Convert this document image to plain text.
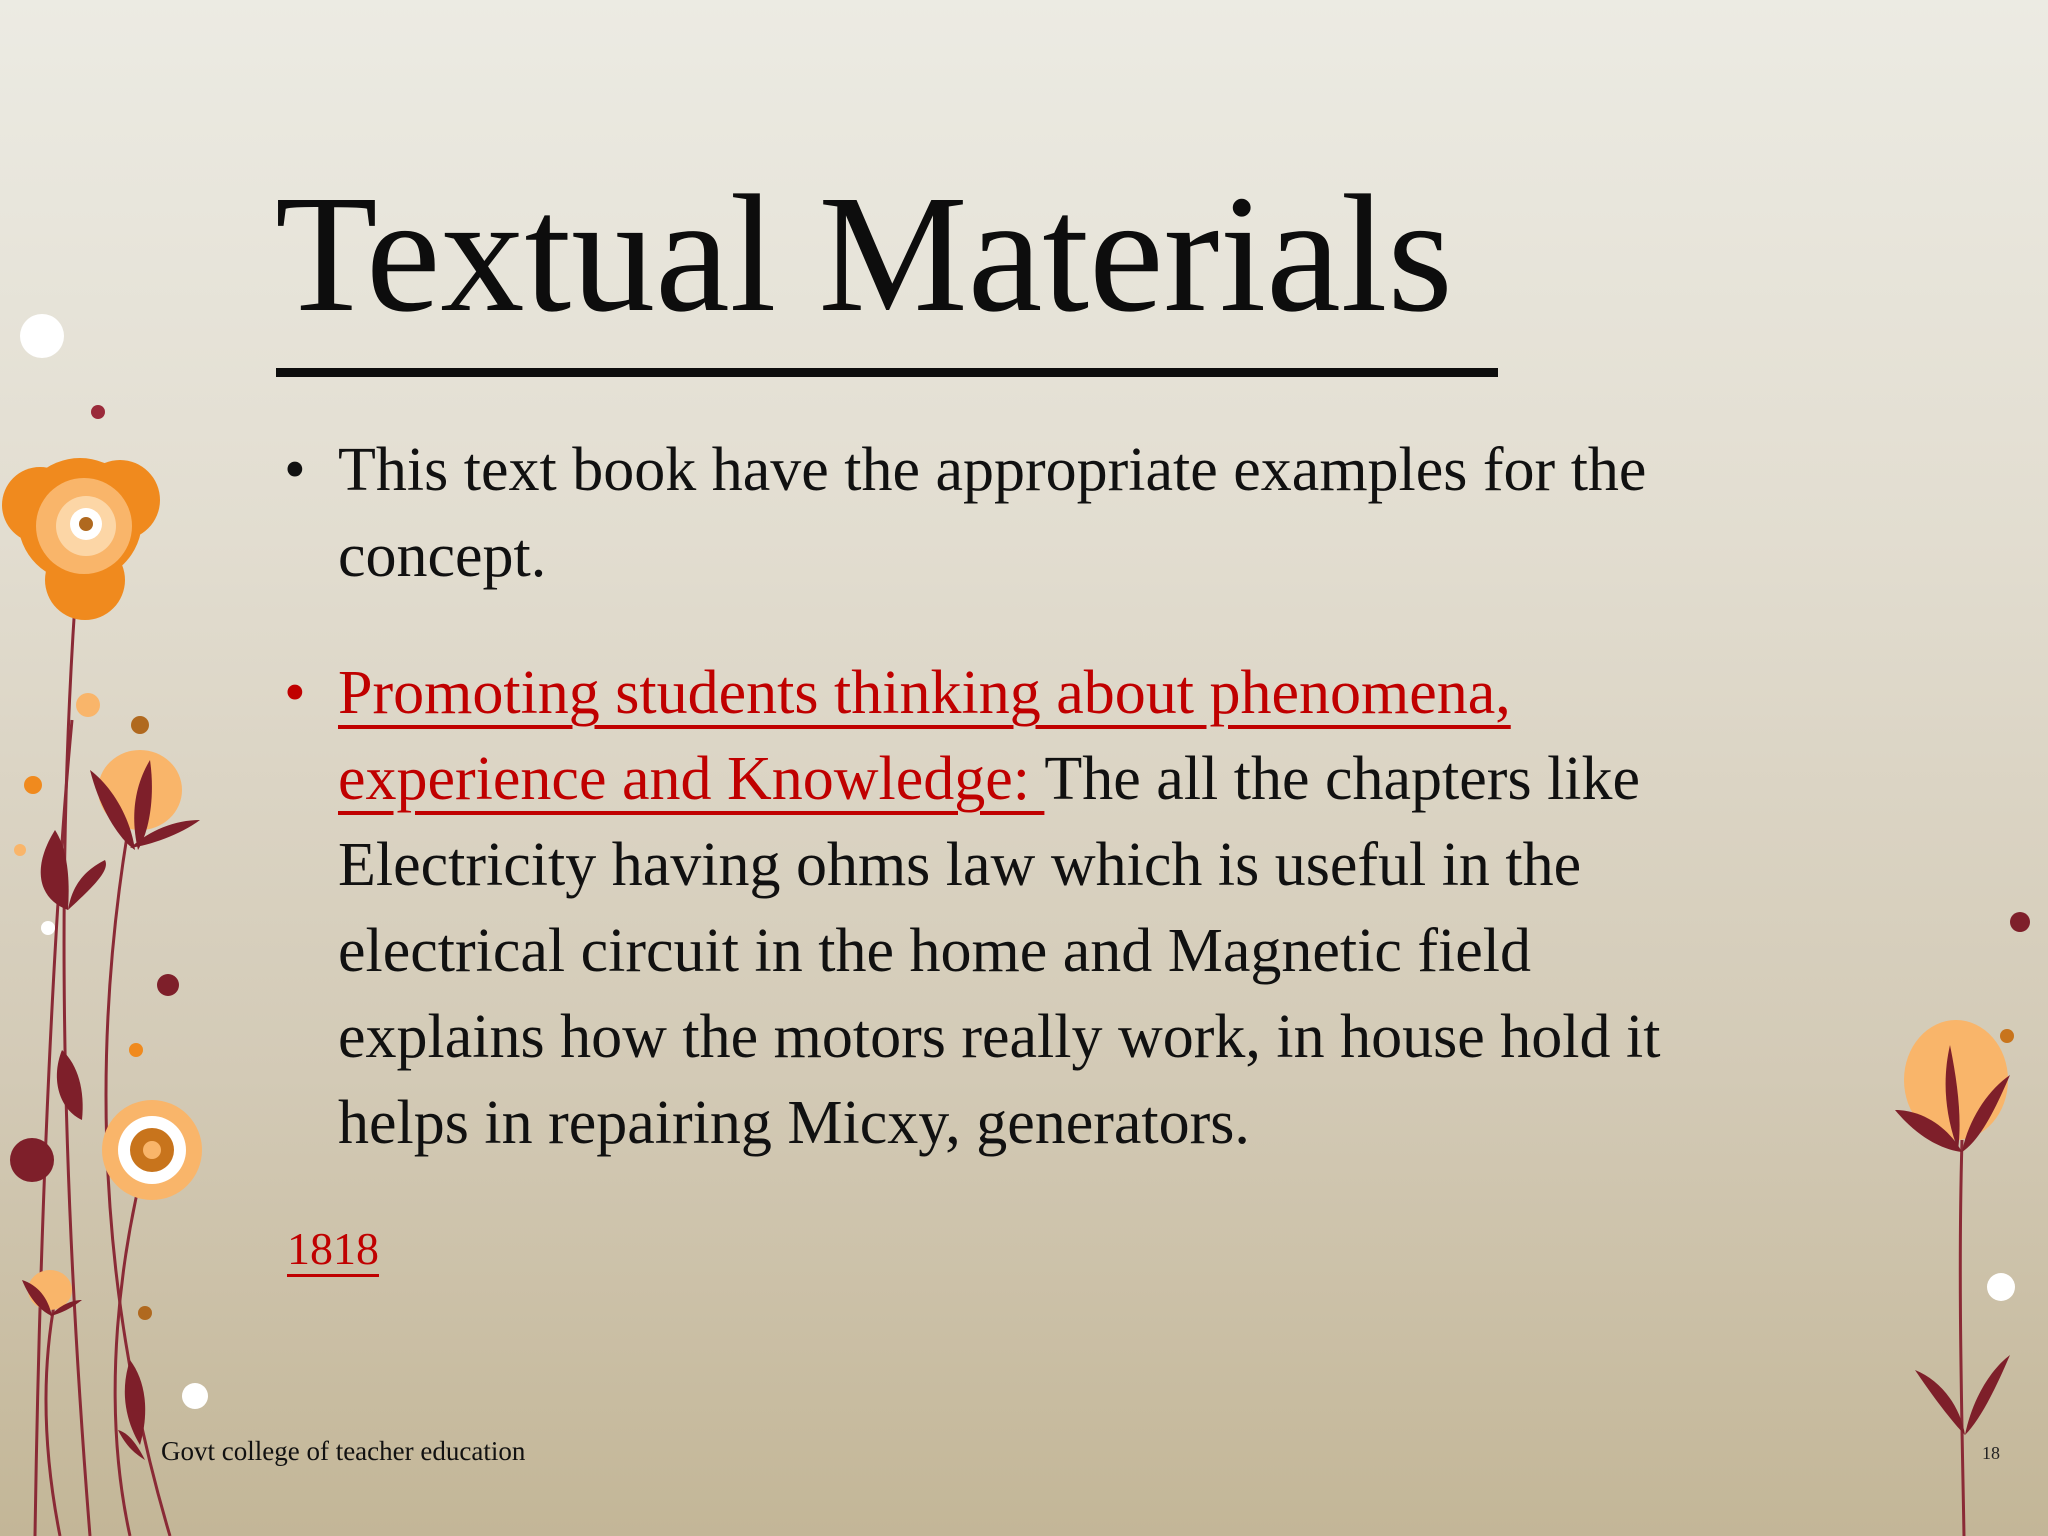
Textual Materials
• This text book have the appropriate examples for the concept.
• Promoting students thinking about phenomena, experience and Knowledge: The all the chapters like Electricity having ohms law which is useful in the electrical circuit in the home and Magnetic field explains how the motors really work, in house hold it helps in repairing Micxy, generators.
1818
Govt college of teacher education	18
